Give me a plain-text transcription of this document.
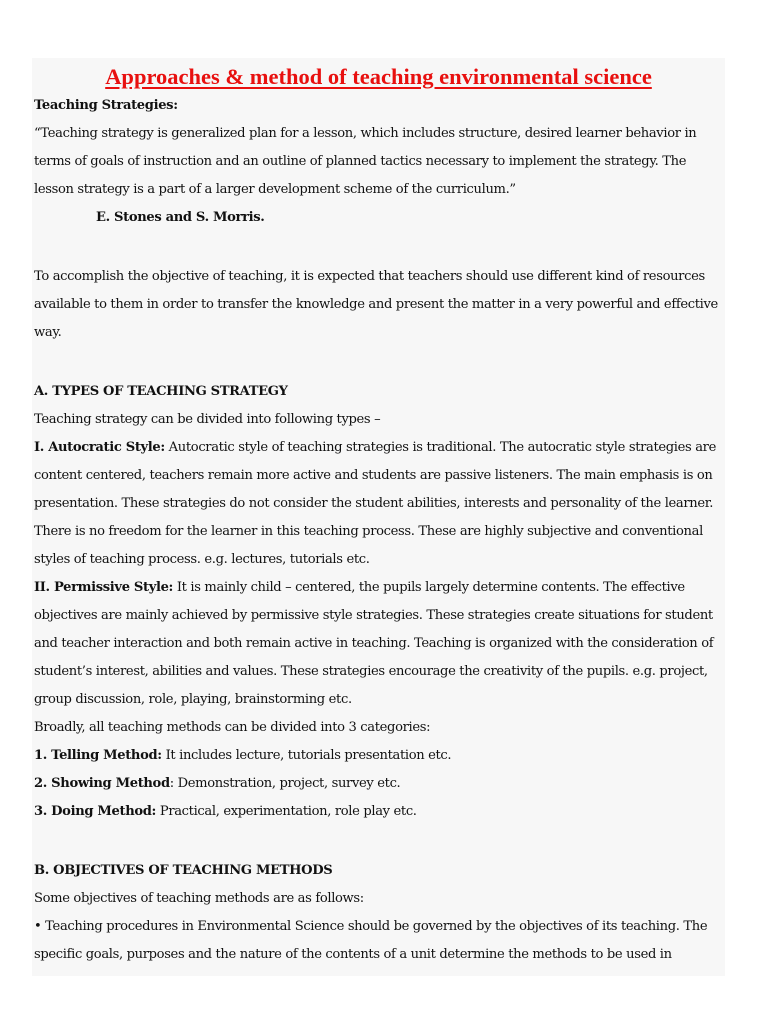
Approaches & method of teaching environmental science

Teaching Strategies:

“Teaching strategy is generalized plan for a lesson, which includes structure, desired learner behavior in terms of goals of instruction and an outline of planned tactics necessary to implement the strategy. The lesson strategy is a part of a larger development scheme of the curriculum.”

E. Stones and S. Morris.

To accomplish the objective of teaching, it is expected that teachers should use different kind of resources available to them in order to transfer the knowledge and present the matter in a very powerful and effective way.

A. TYPES OF TEACHING STRATEGY

Teaching strategy can be divided into following types –

I. Autocratic Style: Autocratic style of teaching strategies is traditional. The autocratic style strategies are content centered, teachers remain more active and students are passive listeners. The main emphasis is on presentation. These strategies do not consider the student abilities, interests and personality of the learner. There is no freedom for the learner in this teaching process. These are highly subjective and conventional styles of teaching process. e.g. lectures, tutorials etc.

II. Permissive Style: It is mainly child – centered, the pupils largely determine contents. The effective objectives are mainly achieved by permissive style strategies. These strategies create situations for student and teacher interaction and both remain active in teaching. Teaching is organized with the consideration of student’s interest, abilities and values. These strategies encourage the creativity of the pupils. e.g. project, group discussion, role, playing, brainstorming etc.

Broadly, all teaching methods can be divided into 3 categories:

1. Telling Method: It includes lecture, tutorials presentation etc.

2. Showing Method: Demonstration, project, survey etc.

3. Doing Method: Practical, experimentation, role play etc.

B. OBJECTIVES OF TEACHING METHODS

Some objectives of teaching methods are as follows:

• Teaching procedures in Environmental Science should be governed by the objectives of its teaching. The specific goals, purposes and the nature of the contents of a unit determine the methods to be used in
